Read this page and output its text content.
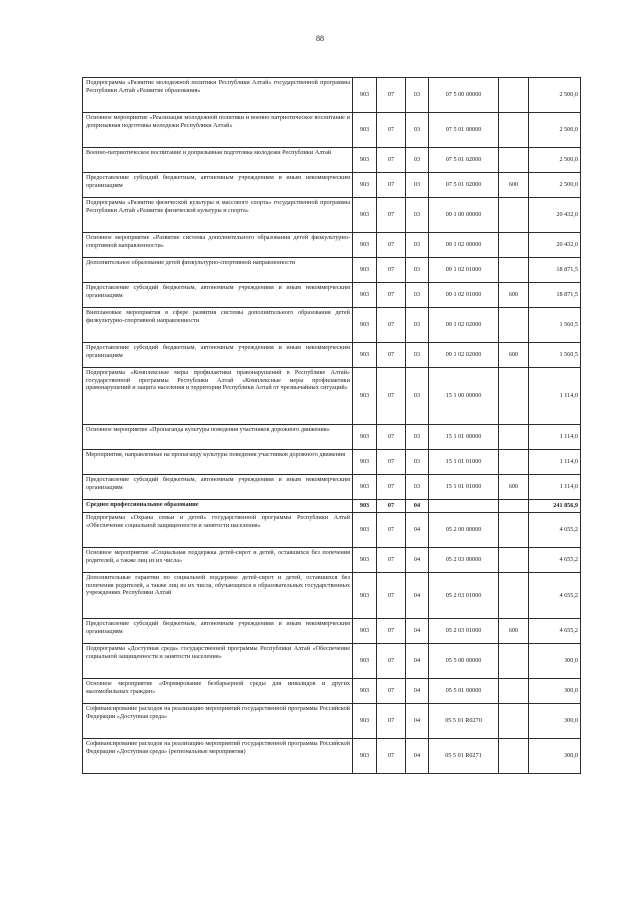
88
Подпрограмма «Развитие молодежной политики Республики Алтай» государственной программы Республики Алтай «Развитие образования»	903	07	03	07 5 00 00000		2 500,0
Основное мероприятие «Реализация молодежной политики и военно патриотическое воспитание и допризывная подготовка молодежи Республики Алтай»	903	07	03	07 5 01 00000		2 500,0
Военно-патриотическое воспитание и допризывная подготовка молодежи Республики Алтай	903	07	03	07 5 01 02000		2 500,0
Предоставление субсидий бюджетным, автономным учреждениям и иным некоммерческим организациям	903	07	03	07 5 01 02000	600	2 500,0
Подпрограмма «Развитие физической культуры и массового спорта» государственной программы Республики Алтай «Развитие физической культуры и спорта»	903	07	03	09 1 00 00000		20 432,0
Основное мероприятие «Развитие системы дополнительного образования детей физкультурно-спортивной направленности»	903	07	03	09 1 02 00000		20 432,0
Дополнительное образование детей физкультурно-спортивной направленности	903	07	03	09 1 02 01000		18 871,5
Предоставление субсидий бюджетным, автономным учреждениям и иным некоммерческим организациям	903	07	03	09 1 02 01000	600	18 871,5
Внеплановые мероприятия в сфере развития системы дополнительного образования детей физкультурно-спортивной направленности	903	07	03	09 1 02 02000		1 560,5
Предоставление субсидий бюджетным, автономным учреждениям и иным некоммерческим организациям	903	07	03	09 1 02 02000	600	1 560,5
Подпрограмма «Комплексные меры профилактики правонарушений в Республике Алтай» государственной программы Республики Алтай «Комплексные меры профилактики правонарушений и защита населения и территории Республики Алтай от чрезвычайных ситуаций»	903	07	03	15 1 00 00000		1 114,0
Основное мероприятие «Пропаганда культуры поведения участников дорожного движения»	903	07	03	15 1 01 00000		1 114,0
Мероприятия, направленные на пропаганду культуры поведения участников дорожного движения	903	07	03	15 1 01 01000		1 114,0
Предоставление субсидий бюджетным, автономным учреждениям и иным некоммерческим организациям	903	07	03	15 1 01 01000	600	1 114,0
Среднее профессиональное образование	903	07	04			241 856,9
Подпрограмма «Охрана семьи и детей» государственной программы Республики Алтай «Обеспечение социальной защищенности и занятости населения»	903	07	04	05 2 00 00000		4 655,2
Основное мероприятие «Социальная поддержка детей-сирот и детей, оставшихся без попечения родителей, а также лиц из их числа»	903	07	04	05 2 03 00000		4 655,2
Дополнительные гарантии по социальной поддержке детей-сирот и детей, оставшихся без попечения родителей, а также лиц из их числа, обучающихся в образовательных государственных учреждениях Республики Алтай	903	07	04	05 2 03 01000		4 655,2
Предоставление субсидий бюджетным, автономным учреждениям и иным некоммерческим организациям	903	07	04	05 2 03 01000	600	4 655,2
Подпрограмма «Доступная среда» государственной программы Республики Алтай «Обеспечение социальной защищенности и занятости населения»	903	07	04	05 5 00 00000		300,0
Основное мероприятие «Формирование безбарьерной среды для инвалидов и других маломобильных граждан»	903	07	04	05 5 01 00000		300,0
Софинансирование расходов на реализацию мероприятий государственной программы Российской Федерации «Доступная среда»	903	07	04	05 5 01 R0270		300,0
Софинансирование расходов на реализацию мероприятий государственной программы Российской Федерации «Доступная среда» (региональные мероприятия)	903	07	04	05 5 01 R0271		300,0
